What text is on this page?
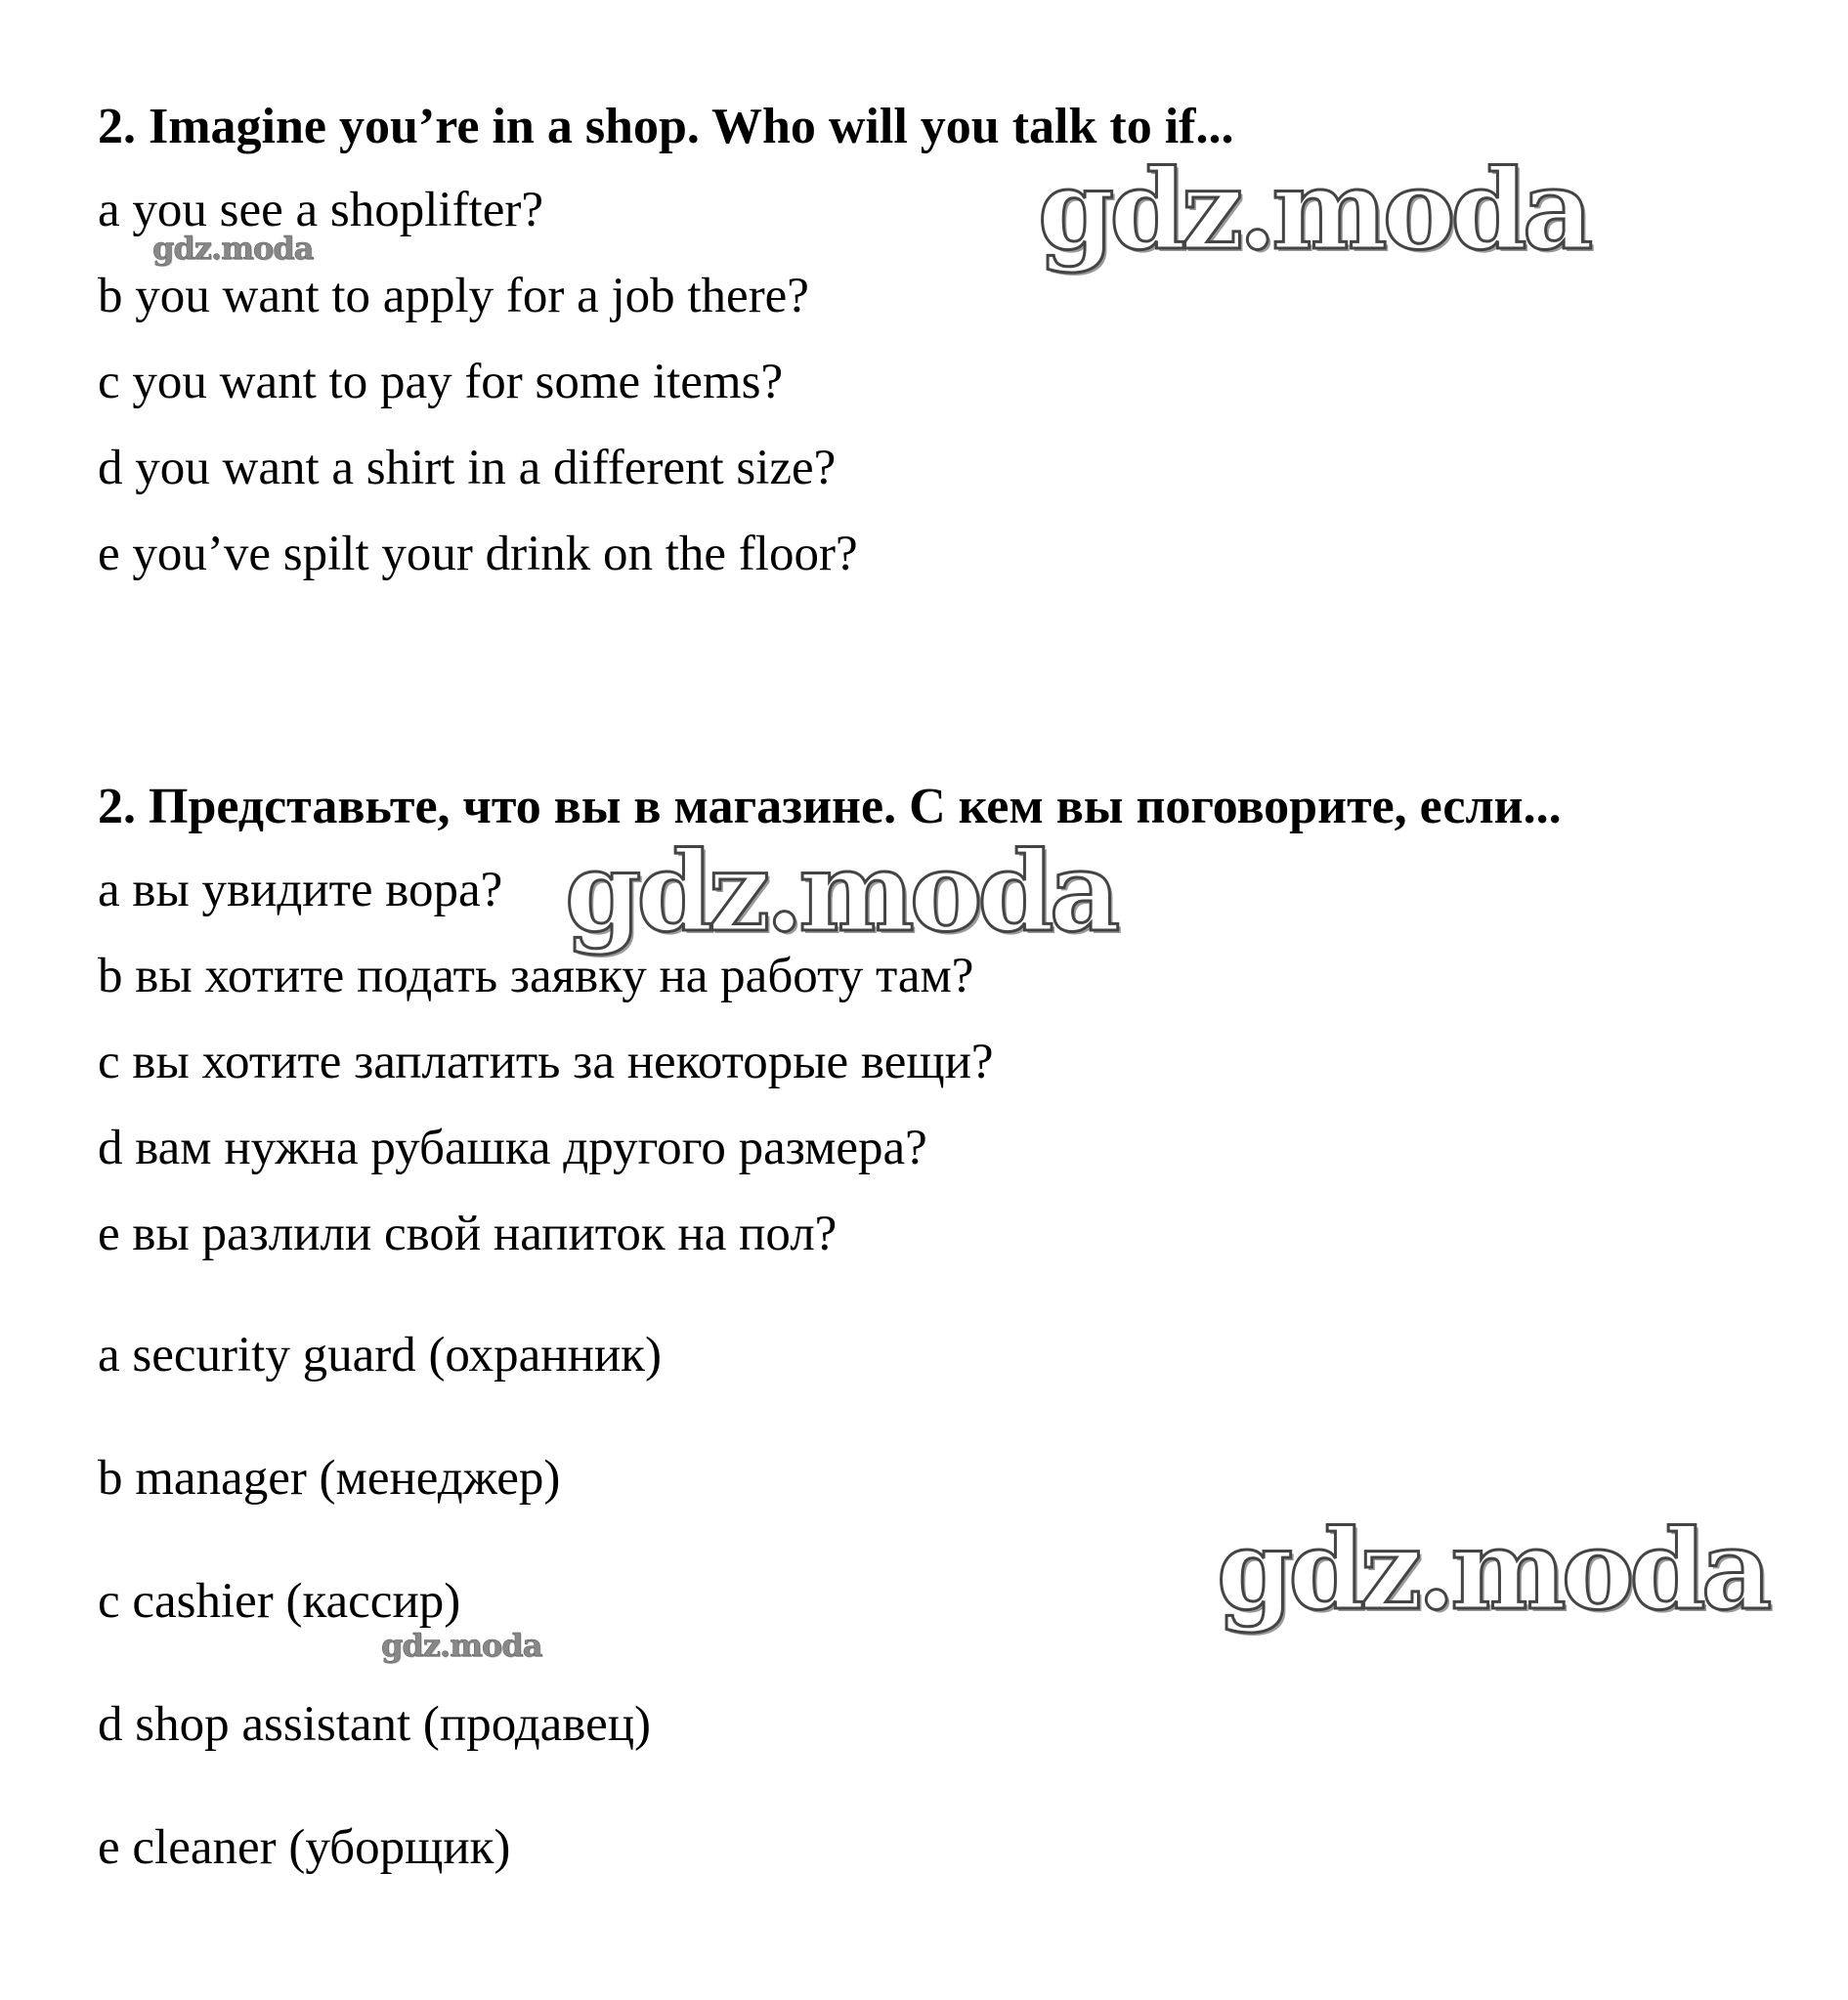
2. Imagine you’re in a shop. Who will you talk to if...
a you see a shoplifter?
b you want to apply for a job there?
c you want to pay for some items?
d you want a shirt in a different size?
e you’ve spilt your drink on the floor?
2. Представьте, что вы в магазине. С кем вы поговорите, если...
a вы увидите вора?
b вы хотите подать заявку на работу там?
c вы хотите заплатить за некоторые вещи?
d вам нужна рубашка другого размера?
e вы разлили свой напиток на пол?
a security guard (охранник)
b manager (менеджер)
c cashier (кассир)
d shop assistant (продавец)
e cleaner (уборщик)
gdz.moda
gdz.moda
gdz.moda
gdz.moda
gdz.moda
